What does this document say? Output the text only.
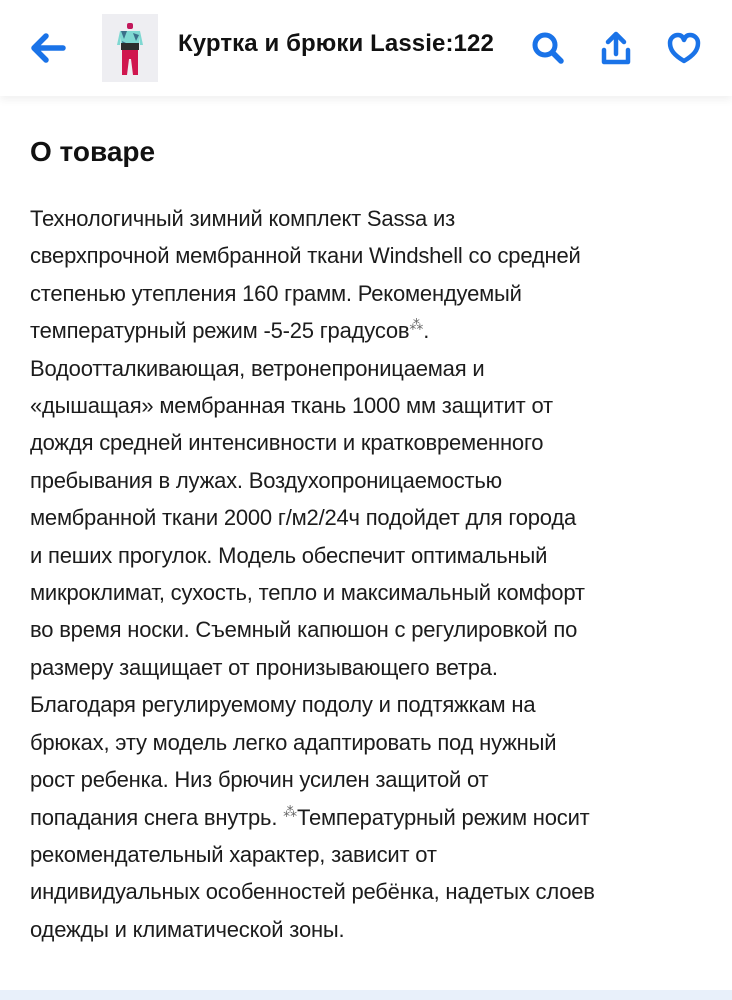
Куртка и брюки Lassie:122
О товаре
Технологичный зимний комплект Sassa из
сверхпрочной мембранной ткани Windshell со средней
степенью утепления 160 грамм. Рекомендуемый
температурный режим -5-25 градусов⁂.
Водоотталкивающая, ветронепроницаемая и
«дышащая» мембранная ткань 1000 мм защитит от
дождя средней интенсивности и кратковременного
пребывания в лужах. Воздухопроницаемостью
мембранной ткани 2000 г/м2/24ч подойдет для города
и пеших прогулок. Модель обеспечит оптимальный
микроклимат, сухость, тепло и максимальный комфорт
во время носки. Съемный капюшон с регулировкой по
размеру защищает от пронизывающего ветра.
Благодаря регулируемому подолу и подтяжкам на
брюках, эту модель легко адаптировать под нужный
рост ребенка. Низ брючин усилен защитой от
попадания снега внутрь. ⁂Температурный режим носит
рекомендательный характер, зависит от
индивидуальных особенностей ребёнка, надетых слоев
одежды и климатической зоны.
